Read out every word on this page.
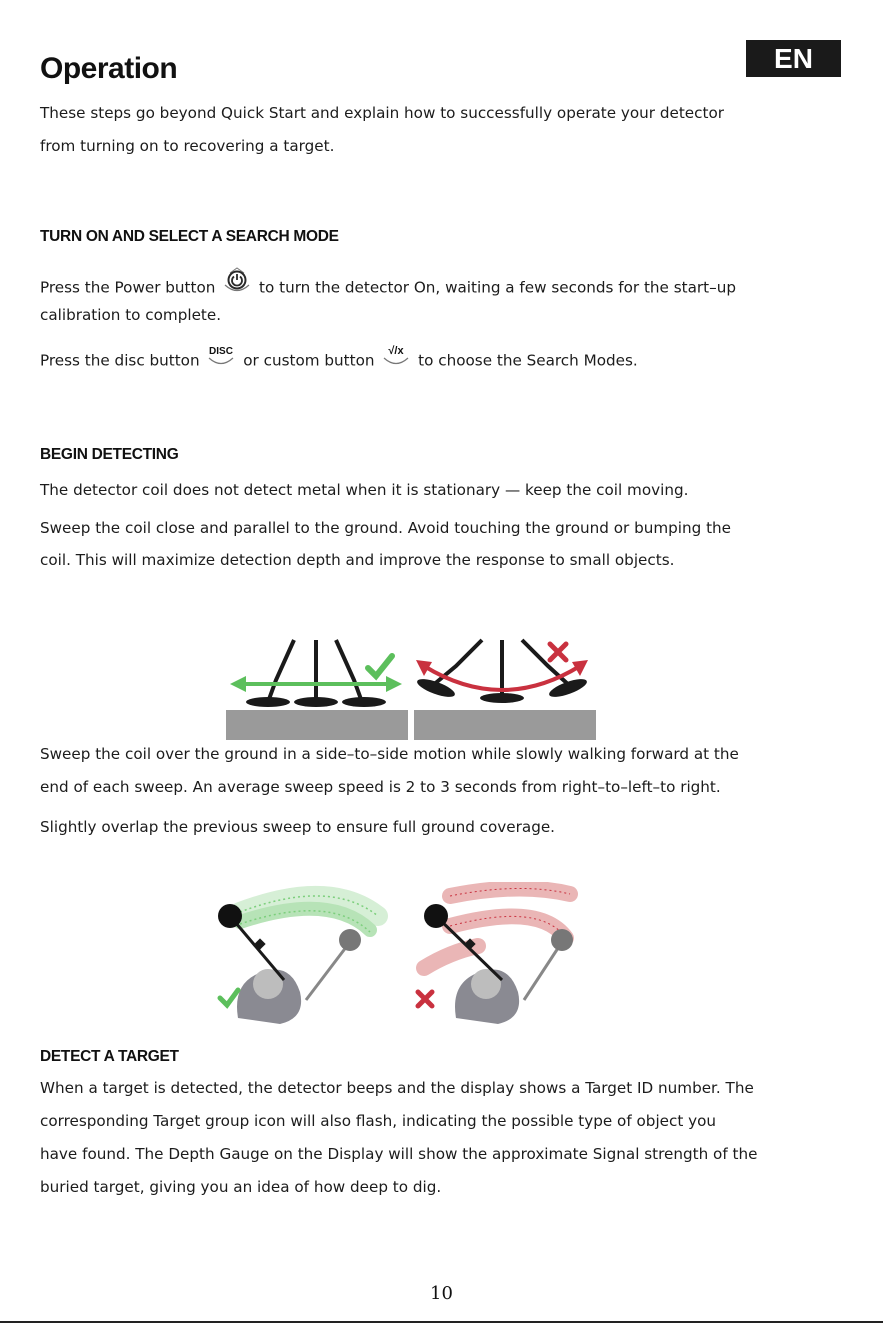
Operation	EN
These steps go beyond Quick Start and explain how to successfully operate your detector
from turning on to recovering a target.
TURN ON AND SELECT A SEARCH MODE
Press the Power button	to turn the detector On, waiting a few seconds for the start–up
calibration to complete.
Press the disc button DISC or custom button
√/x
to choose the Search Modes.
BEGIN DETECTING
The detector coil does not detect metal when it is stationary — keep the coil moving.
Sweep the coil close and parallel to the ground. Avoid touching the ground or bumping the
coil. This will maximize detection depth and improve the response to small objects.
Sweep the coil over the ground in a side–to–side motion while slowly walking forward at the
end of each sweep. An average sweep speed is 2 to 3 seconds from right–to–left–to right.
Slightly overlap the previous sweep to ensure full ground coverage.
DETECT A TARGET
When a target is detected, the detector beeps and the display shows a Target ID number. The
corresponding Target group icon will also flash, indicating the possible type of object you
have found. The Depth Gauge on the Display will show the approximate Signal strength of the
buried target, giving you an idea of how deep to dig.
10
